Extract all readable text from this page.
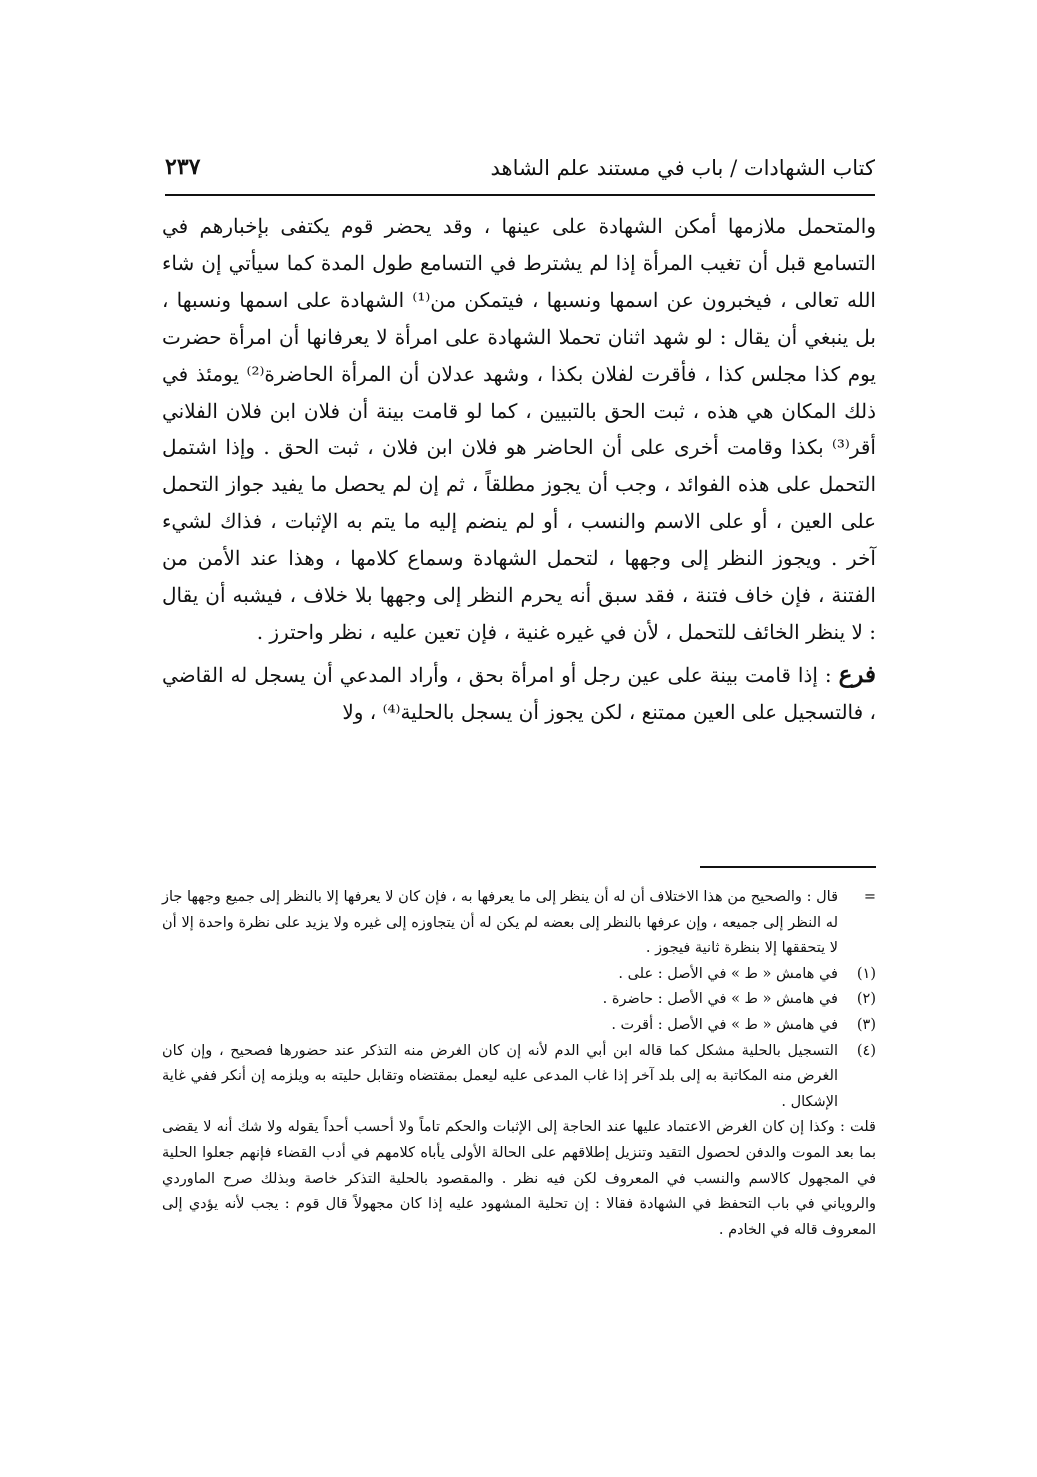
كتاب الشهادات / باب في مستند علم الشاهد
٢٣٧

والمتحمل ملازمها أمكن الشهادة على عينها ، وقد يحضر قوم يكتفى بإخبارهم في التسامع قبل أن تغيب المرأة إذا لم يشترط في التسامع طول المدة كما سيأتي إن شاء الله تعالى ، فيخبرون عن اسمها ونسبها ، فيتمكن من⁽¹⁾ الشهادة على اسمها ونسبها ، بل ينبغي أن يقال : لو شهد اثنان تحملا الشهادة على امرأة لا يعرفانها أن امرأة حضرت يوم كذا مجلس كذا ، فأقرت لفلان بكذا ، وشهد عدلان أن المرأة الحاضرة⁽²⁾ يومئذ في ذلك المكان هي هذه ، ثبت الحق بالتبيين ، كما لو قامت بينة أن فلان ابن فلان الفلاني أقر⁽³⁾ بكذا وقامت أخرى على أن الحاضر هو فلان ابن فلان ، ثبت الحق . وإذا اشتمل التحمل على هذه الفوائد ، وجب أن يجوز مطلقاً ، ثم إن لم يحصل ما يفيد جواز التحمل على العين ، أو على الاسم والنسب ، أو لم ينضم إليه ما يتم به الإثبات ، فذاك لشيء آخر . ويجوز النظر إلى وجهها ، لتحمل الشهادة وسماع كلامها ، وهذا عند الأمن من الفتنة ، فإن خاف فتنة ، فقد سبق أنه يحرم النظر إلى وجهها بلا خلاف ، فيشبه أن يقال : لا ينظر الخائف للتحمل ، لأن في غيره غنية ، فإن تعين عليه ، نظر واحترز .

فرع : إذا قامت بينة على عين رجل أو امرأة بحق ، وأراد المدعي أن يسجل له القاضي ، فالتسجيل على العين ممتنع ، لكن يجوز أن يسجل بالحلية⁽⁴⁾ ، ولا

=

قال : والصحيح من هذا الاختلاف أن له أن ينظر إلى ما يعرفها به ، فإن كان لا يعرفها إلا بالنظر إلى جميع وجهها جاز له النظر إلى جميعه ، وإن عرفها بالنظر إلى بعضه لم يكن له أن يتجاوزه إلى غيره ولا يزيد على نظرة واحدة إلا أن لا يتحققها إلا بنظرة ثانية فيجوز .

(١)

في هامش « ط » في الأصل : على .

(٢)

في هامش « ط » في الأصل : حاضرة .

(٣)

في هامش « ط » في الأصل : أقرت .

(٤)

التسجيل بالحلية مشكل كما قاله ابن أبي الدم لأنه إن كان الغرض منه التذكر عند حضورها فصحيح ، وإن كان الغرض منه المكاتبة به إلى بلد آخر إذا غاب المدعى عليه ليعمل بمقتضاه وتقابل حليته به ويلزمه إن أنكر ففي غاية الإشكال .

قلت : وكذا إن كان الغرض الاعتماد عليها عند الحاجة إلى الإثبات والحكم تاماً ولا أحسب أحداً يقوله ولا شك أنه لا يقضى بما بعد الموت والدفن لحصول التقيد وتنزيل إطلاقهم على الحالة الأولى يأباه كلامهم في أدب القضاء فإنهم جعلوا الحلية في المجهول كالاسم والنسب في المعروف لكن فيه نظر . والمقصود بالحلية التذكر خاصة وبذلك صرح الماوردي والروياني في باب التحفظ في الشهادة فقالا : إن تحلية المشهود عليه إذا كان مجهولاً قال قوم : يجب لأنه يؤدي إلى المعروف قاله في الخادم .
